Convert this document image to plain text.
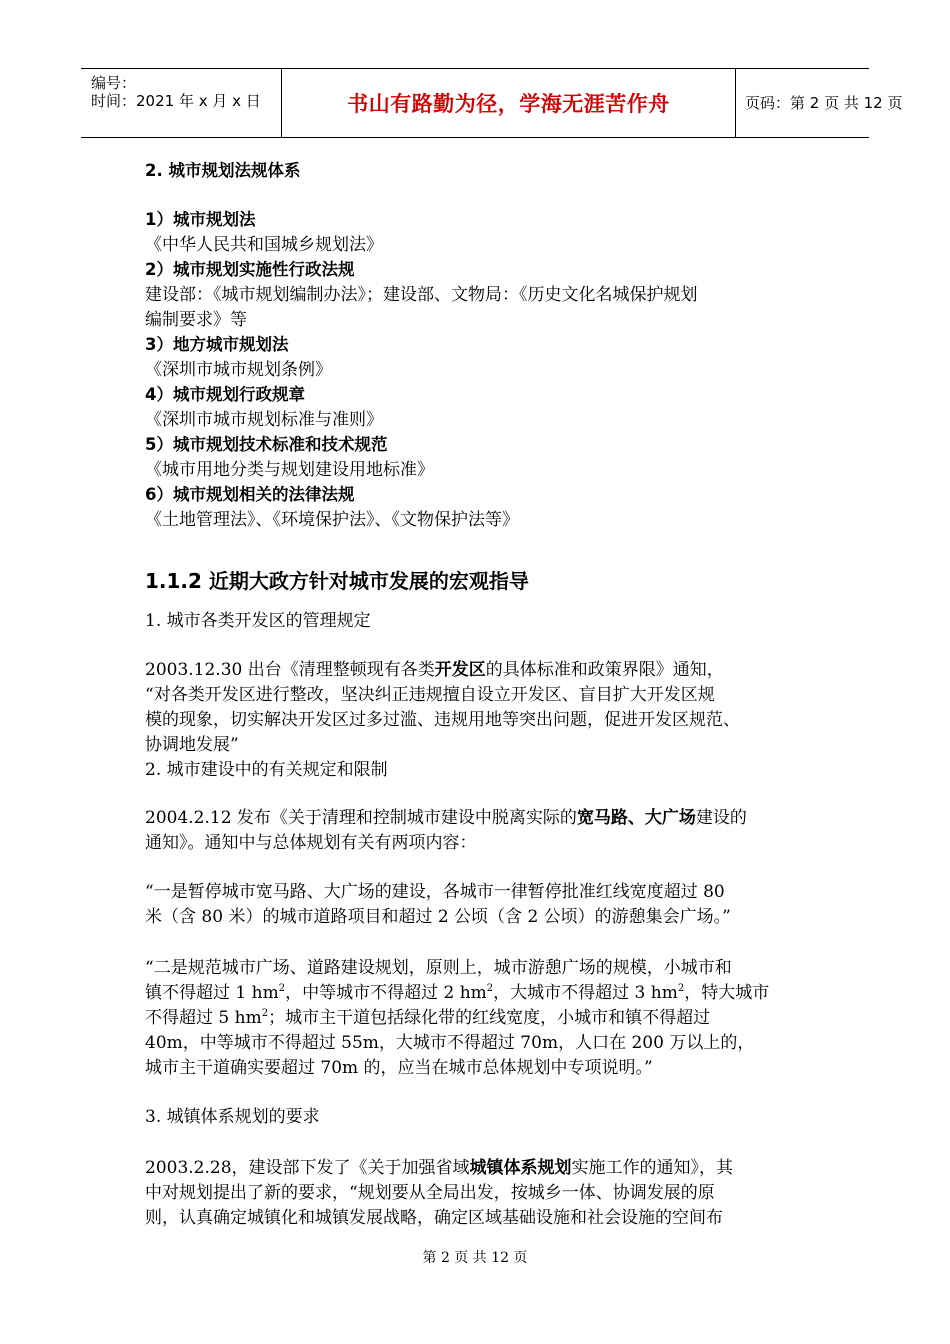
编号：
时间：2021 年 x 月 x 日	书山有路勤为径，学海无涯苦作舟	页码：第 2 页 共 12 页
2. 城市规划法规体系
1）城市规划法
《中华人民共和国城乡规划法》
2）城市规划实施性行政法规
建设部：《城市规划编制办法》；建设部、文物局：《历史文化名城保护规划
编制要求》等
3）地方城市规划法
《深圳市城市规划条例》
4）城市规划行政规章
《深圳市城市规划标准与准则》
5）城市规划技术标准和技术规范
《城市用地分类与规划建设用地标准》
6）城市规划相关的法律法规
《土地管理法》、《环境保护法》、《文物保护法等》
1.1.2 近期大政方针对城市发展的宏观指导
1. 城市各类开发区的管理规定
2003.12.30 出台《清理整顿现有各类开发区的具体标准和政策界限》通知，
“对各类开发区进行整改，坚决纠正违规擅自设立开发区、盲目扩大开发区规
模的现象，切实解决开发区过多过滥、违规用地等突出问题，促进开发区规范、
协调地发展”
2. 城市建设中的有关规定和限制
2004.2.12 发布《关于清理和控制城市建设中脱离实际的宽马路、大广场建设的
通知》。通知中与总体规划有关有两项内容：
“一是暂停城市宽马路、大广场的建设，各城市一律暂停批准红线宽度超过 80
米（含 80 米）的城市道路项目和超过 2 公顷（含 2 公顷）的游憩集会广场。”
“二是规范城市广场、道路建设规划，原则上，城市游憩广场的规模，小城市和
镇不得超过 1 $hm^2$，中等城市不得超过 2 $hm^2$，大城市不得超过 3 $hm^2$，特大城市
不得超过 5 $hm^2$；城市主干道包括绿化带的红线宽度，小城市和镇不得超过
40m，中等城市不得超过 55m，大城市不得超过 70m，人口在 200 万以上的，
城市主干道确实要超过 70m 的，应当在城市总体规划中专项说明。”
3. 城镇体系规划的要求
2003.2.28，建设部下发了《关于加强省域城镇体系规划实施工作的通知》，其
中对规划提出了新的要求，“规划要从全局出发，按城乡一体、协调发展的原
则，认真确定城镇化和城镇发展战略，确定区域基础设施和社会设施的空间布
第 2 页 共 12 页
